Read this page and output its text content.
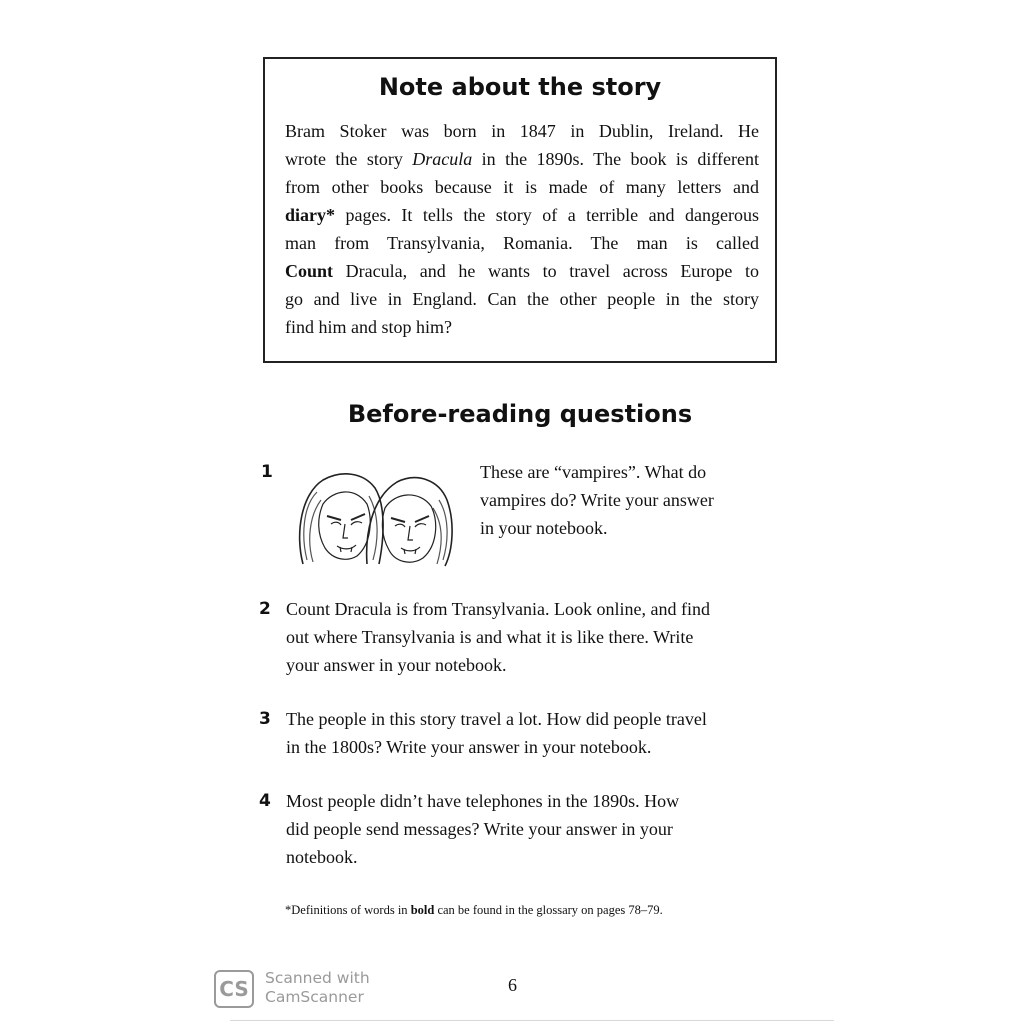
Note about the story
Bram Stoker was born in 1847 in Dublin, Ireland. He
wrote the story Dracula in the 1890s. The book is different
from other books because it is made of many letters and
diary* pages. It tells the story of a terrible and dangerous
man from Transylvania, Romania. The man is called
Count Dracula, and he wants to travel across Europe to
go and live in England. Can the other people in the story
find him and stop him?
Before-reading questions
1	These are “vampires”. What do
vampires do? Write your answer
in your notebook.
2 Count Dracula is from Transylvania. Look online, and find
out where Transylvania is and what it is like there. Write
your answer in your notebook.
3 The people in this story travel a lot. How did people travel
in the 1800s? Write your answer in your notebook.
4 Most people didn’t have telephones in the 1890s. How
did people send messages? Write your answer in your
notebook.
*Definitions of words in bold can be found in the glossary on pages 78–79.
6
CS	Scanned with
CamScanner
